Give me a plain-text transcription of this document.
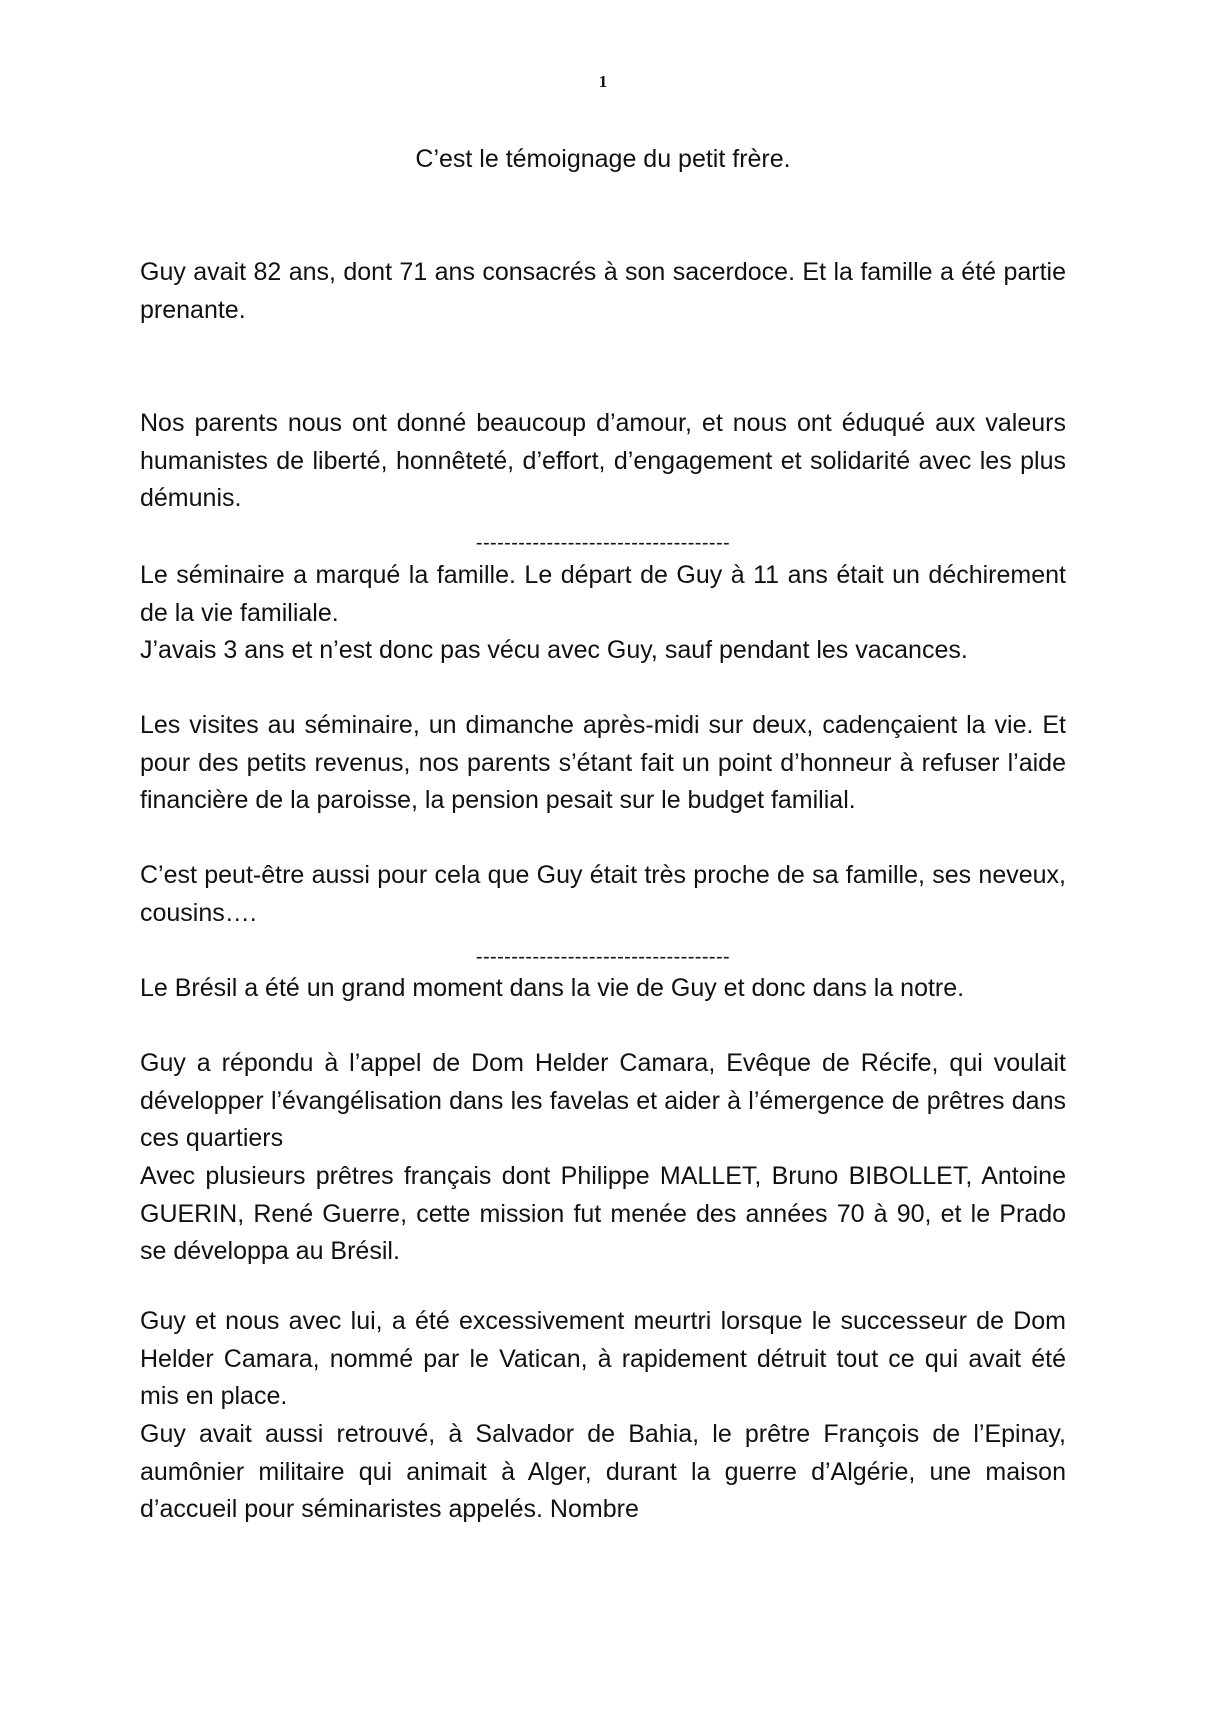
1
C’est le témoignage du petit frère.

Guy avait 82 ans, dont 71 ans consacrés à son sacerdoce. Et la famille a été partie prenante.

Nos parents nous ont donné beaucoup d’amour, et nous ont éduqué aux valeurs humanistes de liberté, honnêteté, d’effort, d’engagement et solidarité avec les plus démunis.

------------------------------------

Le séminaire a marqué la famille. Le départ de Guy à 11 ans était un déchirement de la vie familiale.

J’avais 3 ans et n’est donc pas vécu avec Guy, sauf pendant les vacances.

Les visites au séminaire, un dimanche après-midi sur deux, cadençaient la vie. Et pour des petits revenus, nos parents s’étant fait un point d’honneur à refuser l’aide financière de la paroisse, la pension pesait sur le budget familial.

C’est peut-être aussi pour cela que Guy était très proche de sa famille, ses neveux, cousins….

------------------------------------

Le Brésil a été un grand moment dans la vie de Guy et donc dans la notre.

Guy a répondu à l’appel de Dom Helder Camara, Evêque de Récife, qui voulait développer l’évangélisation dans les favelas et aider à l’émergence de prêtres dans ces quartiers

Avec plusieurs prêtres français dont Philippe MALLET, Bruno BIBOLLET, Antoine GUERIN, René Guerre, cette mission fut menée des années 70 à 90, et le Prado se développa au Brésil.

Guy et nous avec lui, a été excessivement meurtri lorsque le successeur de Dom Helder Camara, nommé par le Vatican, à rapidement détruit tout ce qui avait été mis en place.

Guy avait aussi retrouvé, à Salvador de Bahia, le prêtre François de l’Epinay, aumônier militaire qui animait à Alger, durant la guerre d’Algérie, une maison d’accueil pour séminaristes appelés. Nombre
